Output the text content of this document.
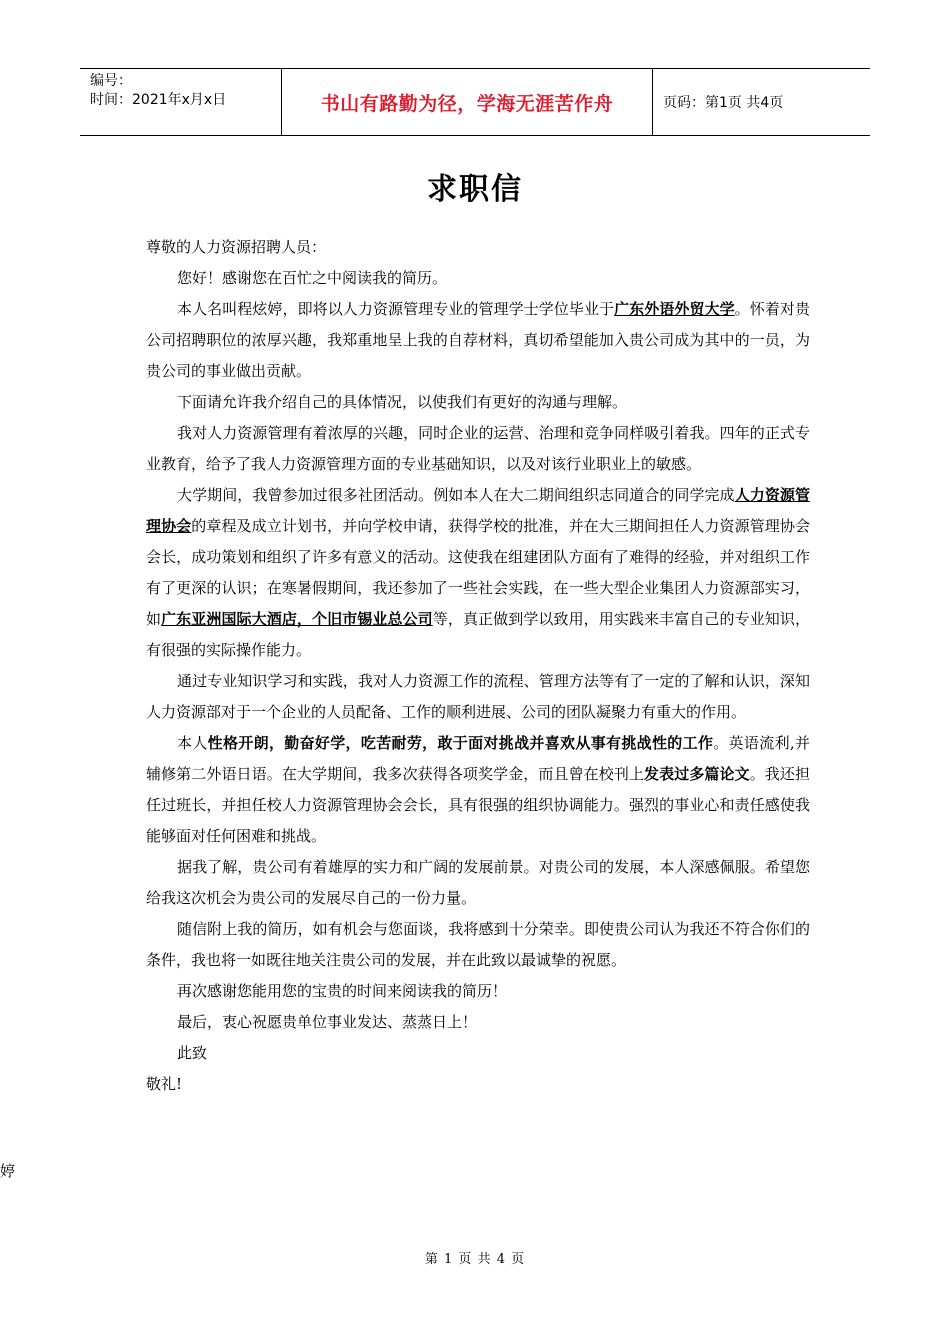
编号：
时间：2021年x月x日	书山有路勤为径，学海无涯苦作舟	页码：第1页 共4页
求职信

尊敬的人力资源招聘人员：

您好！感谢您在百忙之中阅读我的简历。

本人名叫程炫婷，即将以人力资源管理专业的管理学士学位毕业于广东外语外贸大学。怀着对贵公司招聘职位的浓厚兴趣，我郑重地呈上我的自荐材料，真切希望能加入贵公司成为其中的一员，为贵公司的事业做出贡献。

下面请允许我介绍自己的具体情况，以使我们有更好的沟通与理解。

我对人力资源管理有着浓厚的兴趣，同时企业的运营、治理和竞争同样吸引着我。四年的正式专业教育，给予了我人力资源管理方面的专业基础知识，以及对该行业职业上的敏感。

大学期间，我曾参加过很多社团活动。例如本人在大二期间组织志同道合的同学完成人力资源管理协会的章程及成立计划书，并向学校申请，获得学校的批准，并在大三期间担任人力资源管理协会会长，成功策划和组织了许多有意义的活动。这使我在组建团队方面有了难得的经验，并对组织工作有了更深的认识；在寒暑假期间，我还参加了一些社会实践，在一些大型企业集团人力资源部实习，如广东亚洲国际大酒店，个旧市锡业总公司等，真正做到学以致用，用实践来丰富自己的专业知识，有很强的实际操作能力。

通过专业知识学习和实践，我对人力资源工作的流程、管理方法等有了一定的了解和认识，深知人力资源部对于一个企业的人员配备、工作的顺利进展、公司的团队凝聚力有重大的作用。

本人性格开朗，勤奋好学，吃苦耐劳，敢于面对挑战并喜欢从事有挑战性的工作。英语流利,并辅修第二外语日语。在大学期间，我多次获得各项奖学金，而且曾在校刊上发表过多篇论文。我还担任过班长，并担任校人力资源管理协会会长，具有很强的组织协调能力。强烈的事业心和责任感使我能够面对任何困难和挑战。

据我了解，贵公司有着雄厚的实力和广阔的发展前景。对贵公司的发展，本人深感佩服。希望您给我这次机会为贵公司的发展尽自己的一份力量。

随信附上我的简历，如有机会与您面谈，我将感到十分荣幸。即使贵公司认为我还不符合你们的条件，我也将一如既往地关注贵公司的发展，并在此致以最诚挚的祝愿。

再次感谢您能用您的宝贵的时间来阅读我的简历！

最后，衷心祝愿贵单位事业发达、蒸蒸日上！

此致

敬礼!

婷
第 1 页 共 4 页
